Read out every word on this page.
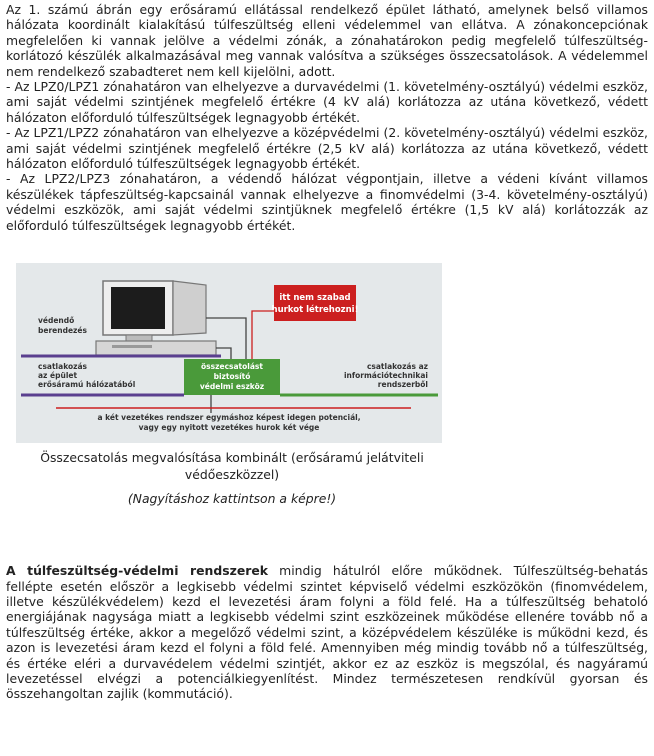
Az 1. számú ábrán egy erősáramú ellátással rendelkező épület látható, amelynek belső villamos hálózata koordinált kialakítású túlfeszültség elleni védelemmel van ellátva. A zónakoncepciónak megfelelően ki vannak jelölve a védelmi zónák, a zónahatárokon pedig megfelelő túlfeszültség-korlátozó készülék alkalmazásával meg vannak valósítva a szükséges összecsatolások. A védelemmel nem rendelkező szabadteret nem kell kijelölni, adott.

- Az LPZ0/LPZ1 zónahatáron van elhelyezve a durvavédelmi (1. követelmény-osztályú) védelmi eszköz, ami saját védelmi szintjének megfelelő értékre (4 kV alá) korlátozza az utána következő, védett hálózaton előforduló túlfeszültségek legnagyobb értékét.

- Az LPZ1/LPZ2 zónahatáron van elhelyezve a középvédelmi (2. követelmény-osztályú) védelmi eszköz, ami saját védelmi szintjének megfelelő értékre (2,5 kV alá) korlátozza az utána következő, védett hálózaton előforduló túlfeszültségek legnagyobb értékét.

- Az LPZ2/LPZ3 zónahatáron, a védendő hálózat végpontjain, illetve a védeni kívánt villamos készülékek tápfeszültség-kapcsainál vannak elhelyezve a finomvédelmi (3-4. követelmény-osztályú) védelmi eszközök, ami saját védelmi szintjüknek megfelelő értékre (1,5 kV alá) korlátozzák az előforduló túlfeszültségek legnagyobb értékét.

itt nem szabad
hurkot létrehozni!
összecsatolást
biztosító
védelmi eszköz
védendő
berendezés
csatlakozás
az épület
erősáramú hálózatából
csatlakozás az
információtechnikai
rendszerből
a két vezetékes rendszer egymáshoz képest idegen potenciál,
vagy egy nyitott vezetékes hurok két vége
Összecsatolás megvalósítása kombinált (erősáramú jelátviteli védőeszközzel)
(Nagyításhoz kattintson a képre!)

A túlfeszültség-védelmi rendszerek mindig hátulról előre működnek. Túlfeszültség-behatás fellépte esetén először a legkisebb védelmi szintet képviselő védelmi eszközökön (finomvédelem, illetve készülékvédelem) kezd el levezetési áram folyni a föld felé. Ha a túlfeszültség behatoló energiájának nagysága miatt a legkisebb védelmi szint eszközeinek működése ellenére tovább nő a túlfeszültség értéke, akkor a megelőző védelmi szint, a középvédelem készüléke is működni kezd, és azon is levezetési áram kezd el folyni a föld felé. Amennyiben még mindig tovább nő a túlfeszültség, és értéke eléri a durvavédelem védelmi szintjét, akkor ez az eszköz is megszólal, és nagyáramú levezetéssel elvégzi a potenciálkiegyenlítést. Mindez természetesen rendkívül gyorsan és összehangoltan zajlik (kommutáció).
